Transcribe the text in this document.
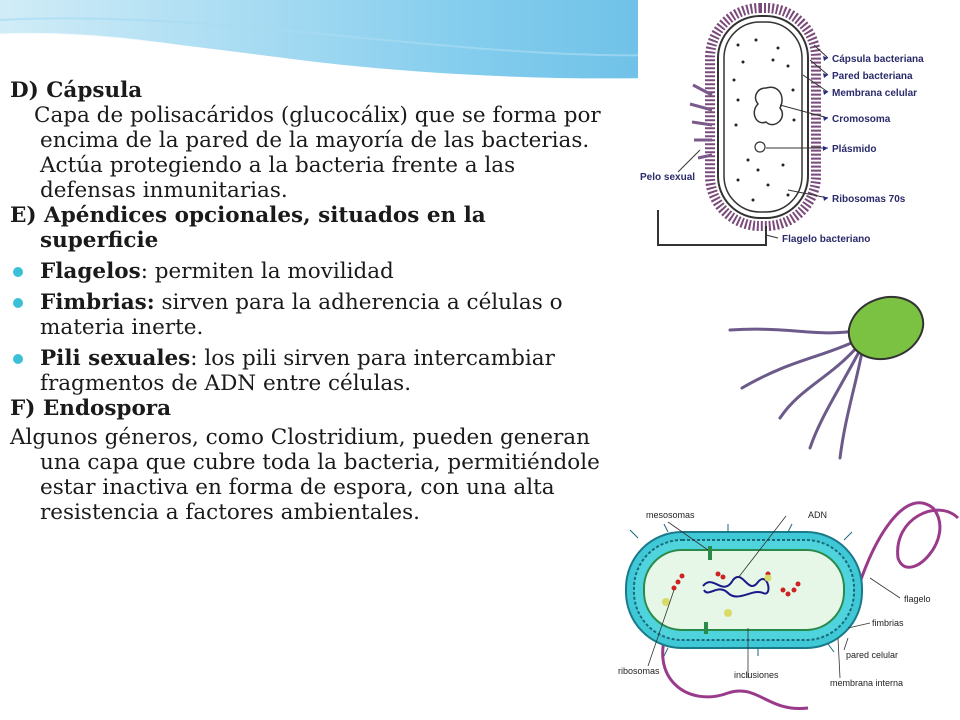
D) Cápsula

Capa de polisacáridos (glucocálix) que se forma por encima de la pared de la mayoría de las bacterias. Actúa protegiendo a la bacteria frente a las defensas inmunitarias.

E) Apéndices opcionales, situados en la superficie

Flagelos: permiten la movilidad
Fimbrias: sirven para la adherencia a células o materia inerte.
Pili sexuales: los pili sirven para intercambiar fragmentos de ADN entre células.

F) Endospora

Algunos géneros, como Clostridium, pueden generan una capa que cubre toda la bacteria, permitiéndole estar inactiva en forma de espora, con una alta resistencia a factores ambientales.

Cápsula bacteriana
Pared bacteriana
Membrana celular
Cromosoma
Plásmido
Pelo sexual
Ribosomas 70s
Flagelo bacteriano
mesosomas	ADN
flagelo
fimbrias
pared celular
membrana interna
inclusiones
ribosomas
